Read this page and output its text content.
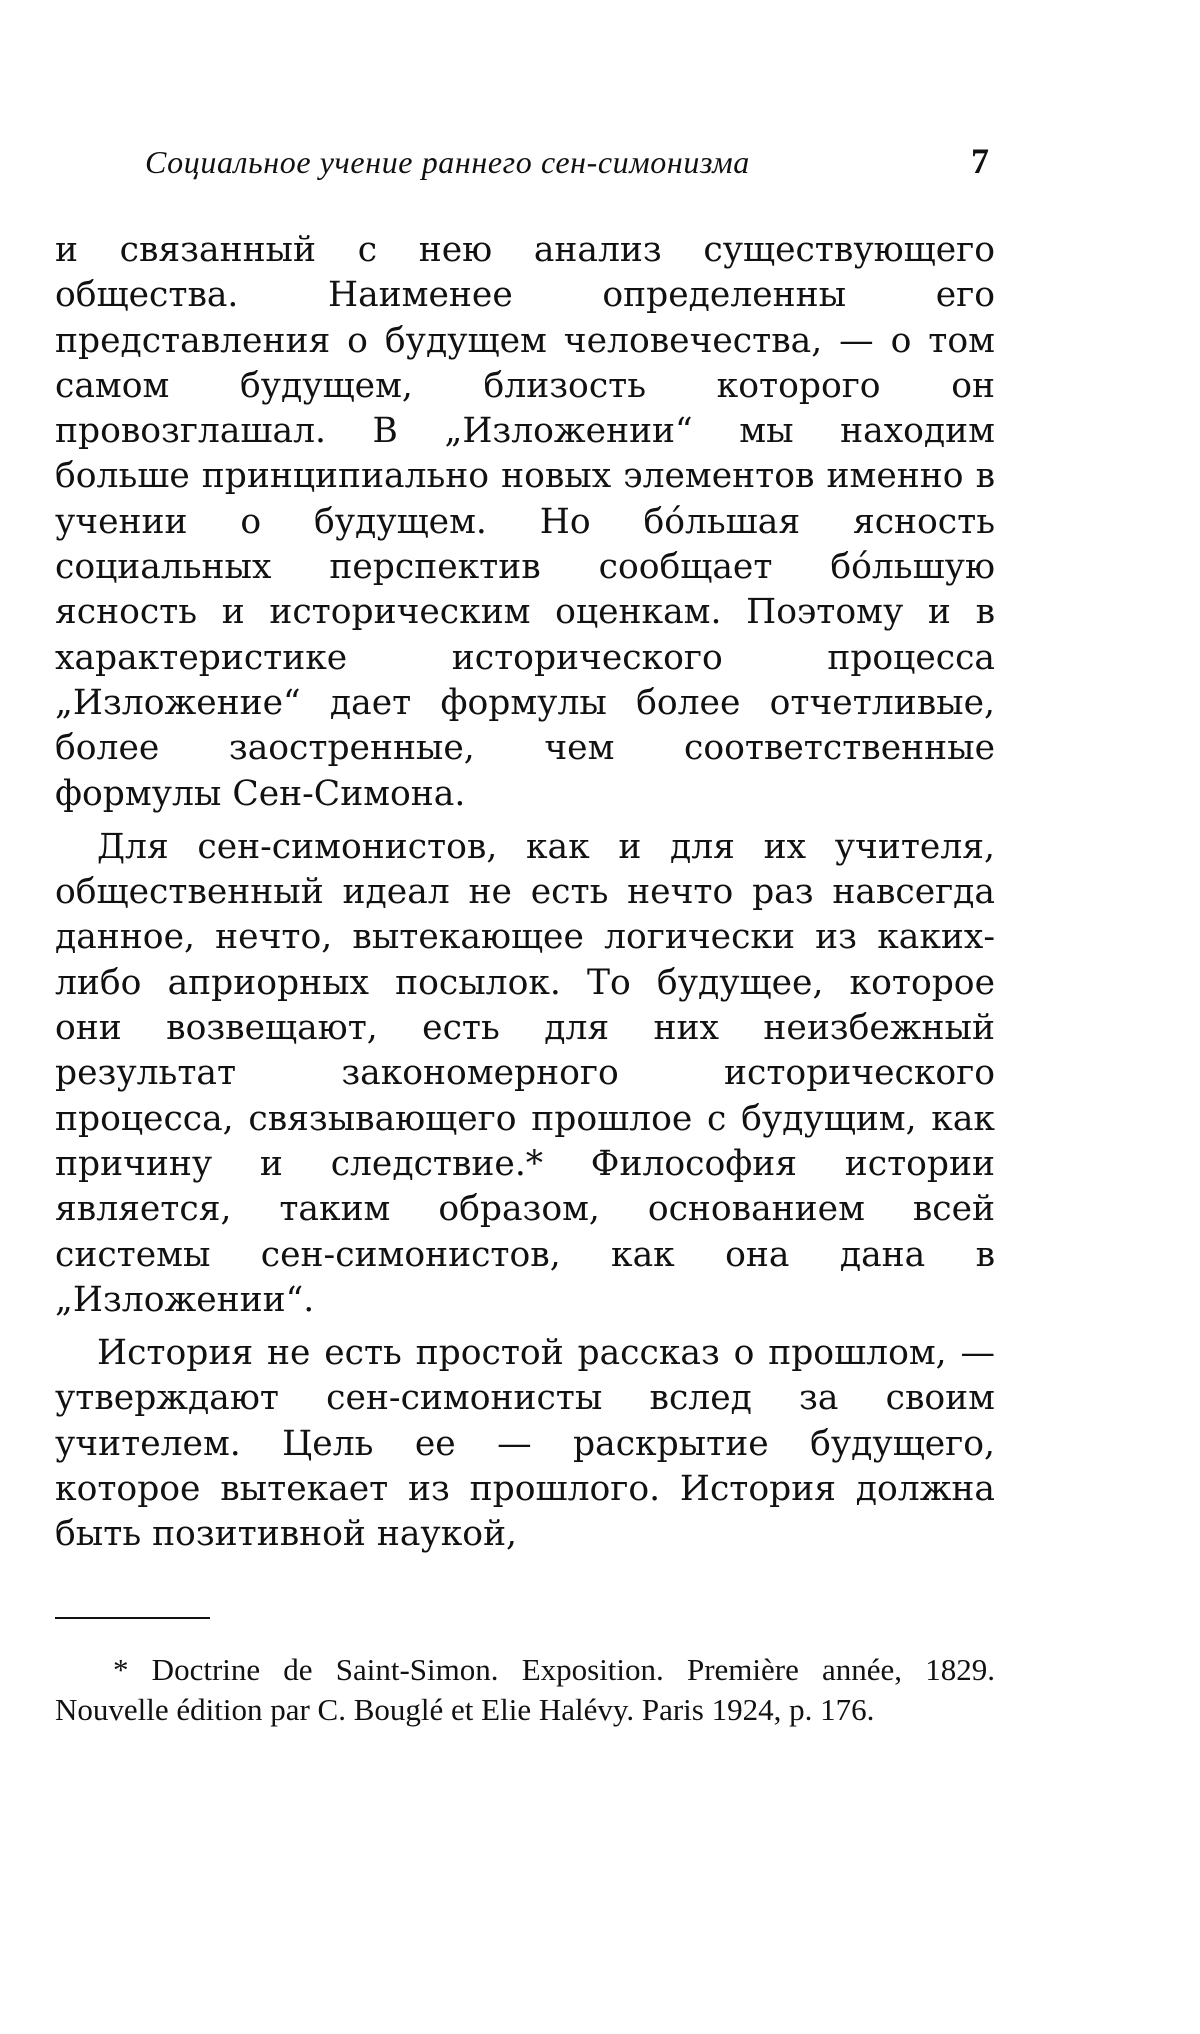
Социальное учение раннего сен-симонизма	7

и связанный с нею анализ существующего общества. Наименее определенны его представления о будущем человечества, — о том самом будущем, близость которого он провозглашал. В „Изложении“ мы находим больше принципиально новых элементов именно в учении о будущем. Но бóльшая ясность социальных перспектив сообщает бóльшую ясность и историческим оценкам. Поэтому и в характеристике исторического процесса „Изложение“ дает формулы более отчетливые, более заостренные, чем соответственные формулы Сен-Симона.

Для сен-симонистов, как и для их учителя, общественный идеал не есть нечто раз навсегда данное, нечто, вытекающее логически из каких-либо априорных посылок. То будущее, которое они возвещают, есть для них неизбежный результат закономерного исторического процесса, связывающего прошлое с будущим, как причину и следствие.* Философия истории является, таким образом, основанием всей системы сен-симонистов, как она дана в „Изложении“.

История не есть простой рассказ о прошлом, — утверждают сен-симонисты вслед за своим учителем. Цель ее — раскрытие будущего, которое вытекает из прошлого. История должна быть позитивной наукой,

* Doctrine de Saint-Simon. Exposition. Première année, 1829. Nouvelle édition par C. Bouglé et Elie Halévy. Paris 1924, p. 176.
